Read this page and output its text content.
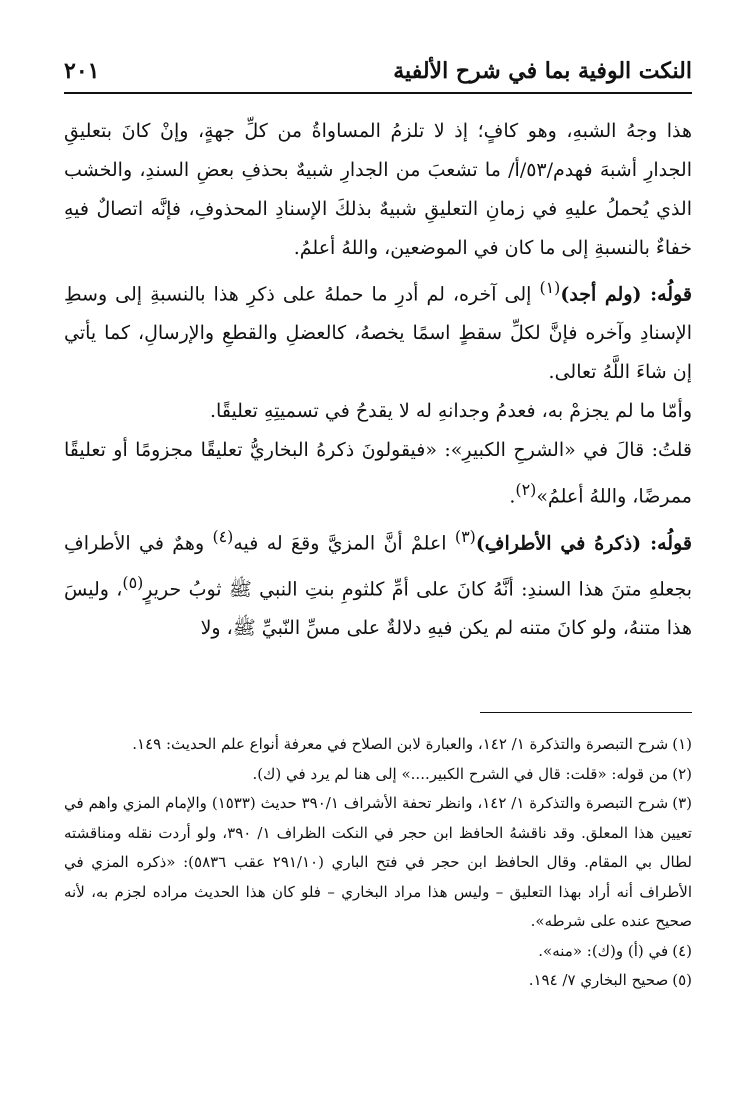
النكت الوفية بما في شرح الألفية
٢٠١

هذا وجهُ الشبهِ، وهو كافٍ؛ إذ لا تلزمُ المساواةُ من كلِّ جهةٍ، وإنْ كانَ بتعليقِ الجدارِ أشبهَ فهدم/٥٣/أ/ ما تشعبَ من الجدارِ شبيهٌ بحذفِ بعضِ السندِ، والخشب الذي يُحملُ عليهِ في زمانِ التعليقِ شبيهٌ بذلكَ الإسنادِ المحذوفِ، فإنَّه اتصالٌ فيهِ خفاءٌ بالنسبةِ إلى ما كان في الموضعين، واللهُ أعلمُ.

قولُه: (ولم أجد)$^{(١)}$ إلى آخره، لم أدرِ ما حملهُ على ذكرِ هذا بالنسبةِ إلى وسطِ الإسنادِ وآخره فإنَّ لكلِّ سقطٍ اسمًا يخصهُ، كالعضلِ والقطعِ والإرسالِ، كما يأتي إن شاءَ اللَّهُ تعالى.

وأمّا ما لم يجزمْ به، فعدمُ وجدانهِ له لا يقدحُ في تسميتِهِ تعليقًا.

قلتُ: قالَ في «الشرحِ الكبيرِ»: «فيقولونَ ذكرهُ البخاريُّ تعليقًا مجزومًا أو تعليقًا ممرضًا، واللهُ أعلمُ»$^{(٢)}$.

قولُه: (ذكرهُ في الأطرافِ)$^{(٣)}$ اعلمْ أنَّ المزيَّ وقعَ له فيه$^{(٤)}$ وهمٌ في الأطرافِ بجعلهِ متنَ هذا السندِ: أنَّهُ كانَ على أمِّ كلثومِ بنتِ النبي ﷺ ثوبُ حريرٍ$^{(٥)}$، وليسَ هذا متنهُ، ولو كانَ متنه لم يكن فيهِ دلالةٌ على مسِّ النّبيِّ ﷺ، ولا

(١)شرح التبصرة والتذكرة ١/ ١٤٢، والعبارة لابن الصلاح في معرفة أنواع علم الحديث: ١٤٩.

(٢)من قوله: «قلت: قال في الشرح الكبير....» إلى هنا لم يرد في (ك).

(٣)شرح التبصرة والتذكرة ١/ ١٤٢، وانظر تحفة الأشراف ٣٩٠/١ حديث (١٥٣٣) والإمام المزي واهم في تعيين هذا المعلق. وقد ناقشهُ الحافظ ابن حجر في النكت الظراف ١/ ٣٩٠، ولو أردت نقله ومناقشته لطال بي المقام. وقال الحافظ ابن حجر في فتح الباري (٢٩١/١٠ عقب ٥٨٣٦): «ذكره المزي في الأطراف أنه أراد بهذا التعليق – وليس هذا مراد البخاري – فلو كان هذا الحديث مراده لجزم به، لأنه صحيح عنده على شرطه».

(٤)في (أ) و(ك): «منه».

(٥)صحيح البخاري ٧/ ١٩٤.
